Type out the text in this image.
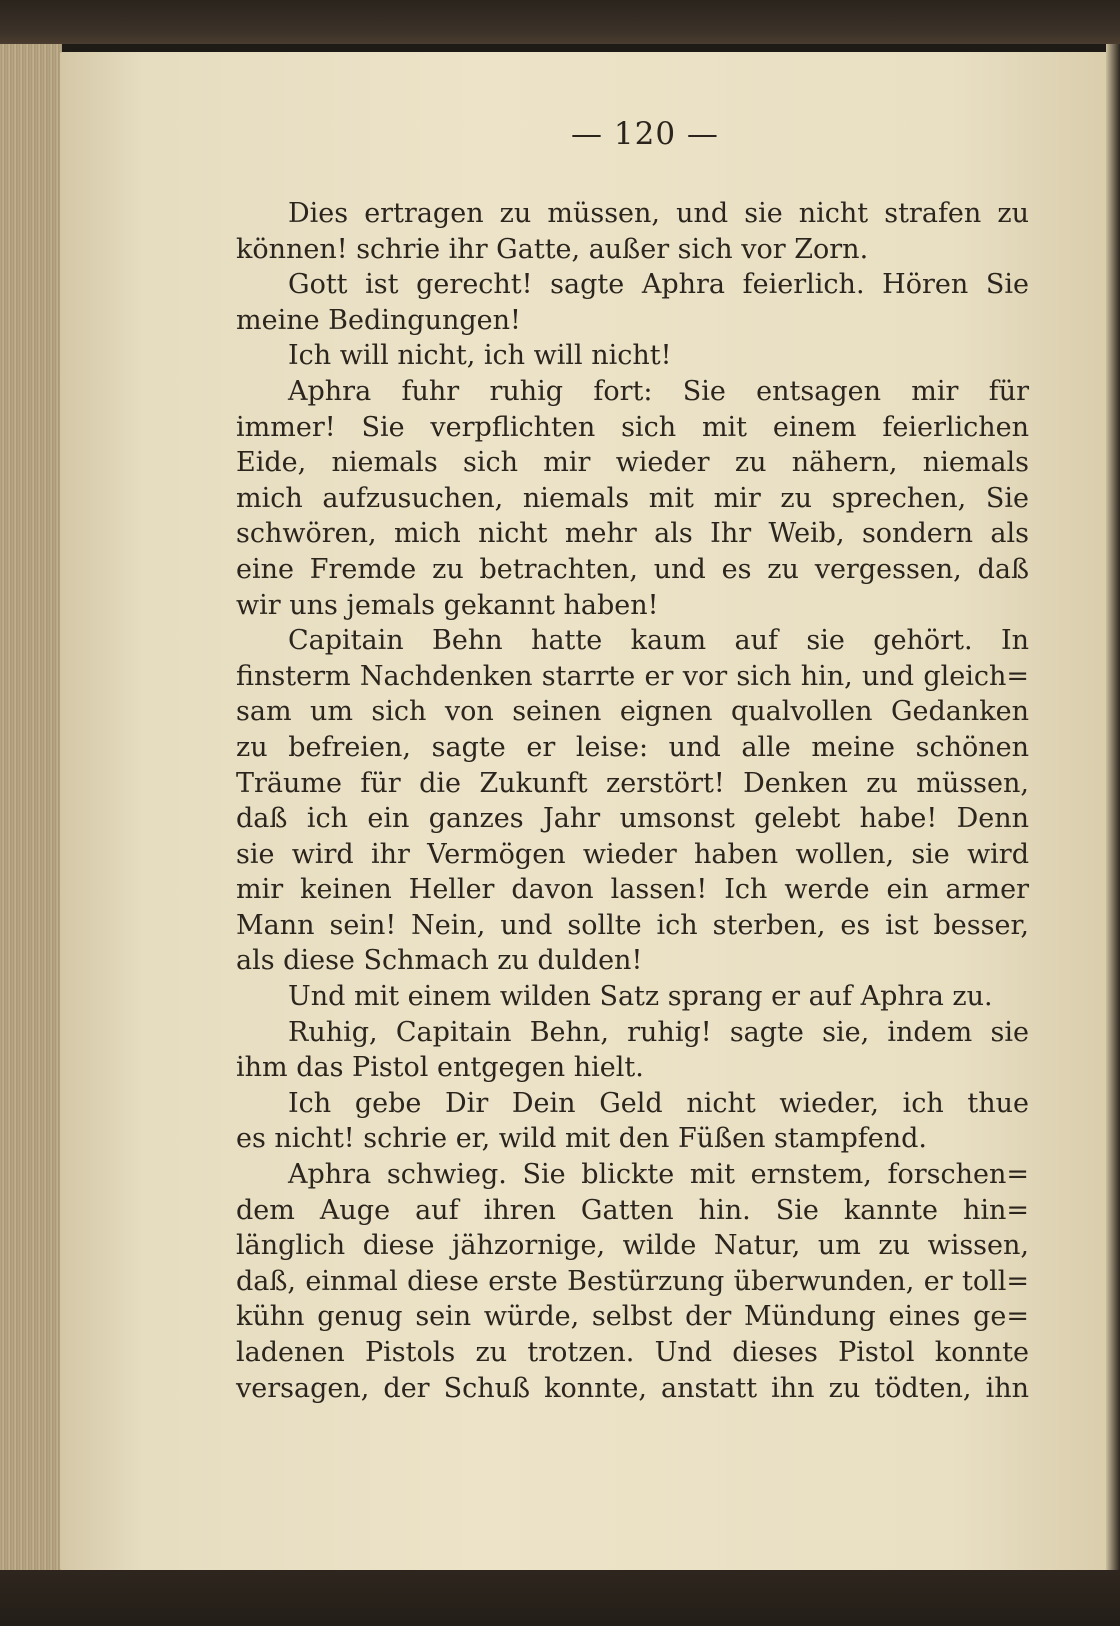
— 120 —
Dies ertragen zu müssen, und sie nicht strafen zu
können! schrie ihr Gatte, außer sich vor Zorn.
Gott ist gerecht! sagte Aphra feierlich. Hören Sie
meine Bedingungen!
Ich will nicht, ich will nicht!
Aphra fuhr ruhig fort: Sie entsagen mir für
immer! Sie verpflichten sich mit einem feierlichen
Eide, niemals sich mir wieder zu nähern, niemals
mich aufzusuchen, niemals mit mir zu sprechen, Sie
schwören, mich nicht mehr als Ihr Weib, sondern als
eine Fremde zu betrachten, und es zu vergessen, daß
wir uns jemals gekannt haben!
Capitain Behn hatte kaum auf sie gehört. In
finsterm Nachdenken starrte er vor sich hin, und gleich=
sam um sich von seinen eignen qualvollen Gedanken
zu befreien, sagte er leise: und alle meine schönen
Träume für die Zukunft zerstört! Denken zu müssen,
daß ich ein ganzes Jahr umsonst gelebt habe! Denn
sie wird ihr Vermögen wieder haben wollen, sie wird
mir keinen Heller davon lassen! Ich werde ein armer
Mann sein! Nein, und sollte ich sterben, es ist besser,
als diese Schmach zu dulden!
Und mit einem wilden Satz sprang er auf Aphra zu.
Ruhig, Capitain Behn, ruhig! sagte sie, indem sie
ihm das Pistol entgegen hielt.
Ich gebe Dir Dein Geld nicht wieder, ich thue
es nicht! schrie er, wild mit den Füßen stampfend.
Aphra schwieg. Sie blickte mit ernstem, forschen=
dem Auge auf ihren Gatten hin. Sie kannte hin=
länglich diese jähzornige, wilde Natur, um zu wissen,
daß, einmal diese erste Bestürzung überwunden, er toll=
kühn genug sein würde, selbst der Mündung eines ge=
ladenen Pistols zu trotzen. Und dieses Pistol konnte
versagen, der Schuß konnte, anstatt ihn zu tödten, ihn
